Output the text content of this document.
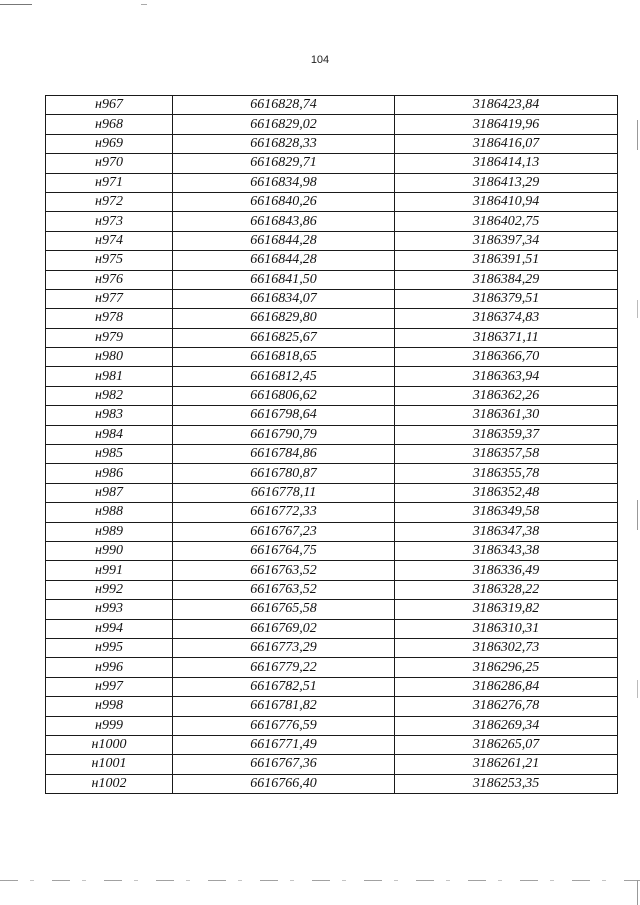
104
н967	6616828,74	3186423,84
н968	6616829,02	3186419,96
н969	6616828,33	3186416,07
н970	6616829,71	3186414,13
н971	6616834,98	3186413,29
н972	6616840,26	3186410,94
н973	6616843,86	3186402,75
н974	6616844,28	3186397,34
н975	6616844,28	3186391,51
н976	6616841,50	3186384,29
н977	6616834,07	3186379,51
н978	6616829,80	3186374,83
н979	6616825,67	3186371,11
н980	6616818,65	3186366,70
н981	6616812,45	3186363,94
н982	6616806,62	3186362,26
н983	6616798,64	3186361,30
н984	6616790,79	3186359,37
н985	6616784,86	3186357,58
н986	6616780,87	3186355,78
н987	6616778,11	3186352,48
н988	6616772,33	3186349,58
н989	6616767,23	3186347,38
н990	6616764,75	3186343,38
н991	6616763,52	3186336,49
н992	6616763,52	3186328,22
н993	6616765,58	3186319,82
н994	6616769,02	3186310,31
н995	6616773,29	3186302,73
н996	6616779,22	3186296,25
н997	6616782,51	3186286,84
н998	6616781,82	3186276,78
н999	6616776,59	3186269,34
н1000	6616771,49	3186265,07
н1001	6616767,36	3186261,21
н1002	6616766,40	3186253,35
